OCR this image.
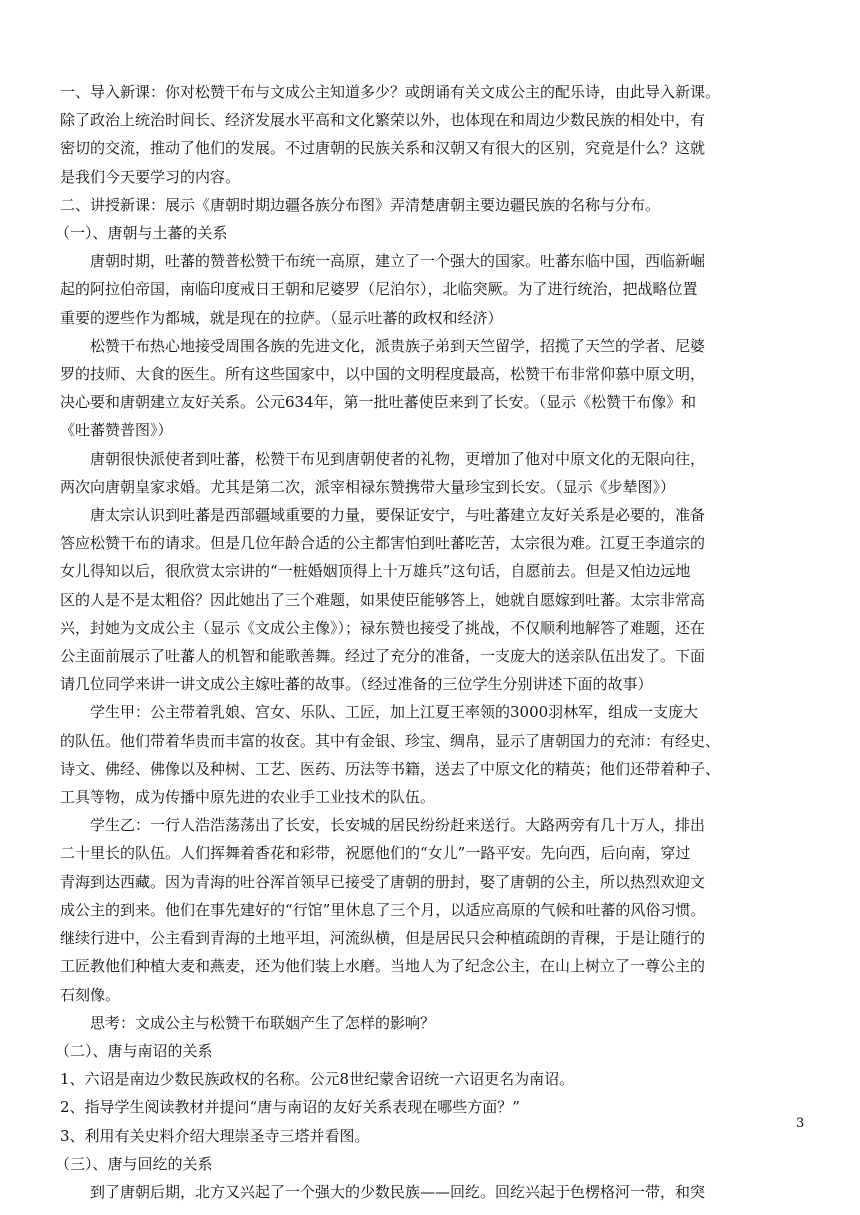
一、导入新课：你对松赞干布与文成公主知道多少？或朗诵有关文成公主的配乐诗，由此导入新课。
除了政治上统治时间长、经济发展水平高和文化繁荣以外，也体现在和周边少数民族的相处中，有
密切的交流，推动了他们的发展。不过唐朝的民族关系和汉朝又有很大的区别，究竟是什么？这就
是我们今天要学习的内容。
二、讲授新课：展示《唐朝时期边疆各族分布图》弄清楚唐朝主要边疆民族的名称与分布。
（一）、唐朝与土蕃的关系
唐朝时期，吐蕃的赞普松赞干布统一高原，建立了一个强大的国家。吐蕃东临中国，西临新崛
起的阿拉伯帝国，南临印度戒日王朝和尼婆罗（尼泊尔），北临突厥。为了进行统治，把战略位置
重要的逻些作为都城，就是现在的拉萨。（显示吐蕃的政权和经济）
松赞干布热心地接受周围各族的先进文化，派贵族子弟到天竺留学，招揽了天竺的学者、尼婆
罗的技师、大食的医生。所有这些国家中，以中国的文明程度最高，松赞干布非常仰慕中原文明，
决心要和唐朝建立友好关系。公元634年，第一批吐蕃使臣来到了长安。（显示《松赞干布像》和
《吐蕃赞普图》）
唐朝很快派使者到吐蕃，松赞干布见到唐朝使者的礼物，更增加了他对中原文化的无限向往，
两次向唐朝皇家求婚。尤其是第二次，派宰相禄东赞携带大量珍宝到长安。（显示《步辇图》）
唐太宗认识到吐蕃是西部疆域重要的力量，要保证安宁，与吐蕃建立友好关系是必要的，准备
答应松赞干布的请求。但是几位年龄合适的公主都害怕到吐蕃吃苦，太宗很为难。江夏王李道宗的
女儿得知以后，很欣赏太宗讲的“一桩婚姻顶得上十万雄兵”这句话，自愿前去。但是又怕边远地
区的人是不是太粗俗？因此她出了三个难题，如果使臣能够答上，她就自愿嫁到吐蕃。太宗非常高
兴，封她为文成公主（显示《文成公主像》）；禄东赞也接受了挑战，不仅顺利地解答了难题，还在
公主面前展示了吐蕃人的机智和能歌善舞。经过了充分的准备，一支庞大的送亲队伍出发了。下面
请几位同学来讲一讲文成公主嫁吐蕃的故事。（经过准备的三位学生分别讲述下面的故事）
学生甲：公主带着乳娘、宫女、乐队、工匠，加上江夏王率领的3000羽林军，组成一支庞大
的队伍。他们带着华贵而丰富的妆奁。其中有金银、珍宝、绸帛，显示了唐朝国力的充沛：有经史、
诗文、佛经、佛像以及种树、工艺、医药、历法等书籍，送去了中原文化的精英；他们还带着种子、
工具等物，成为传播中原先进的农业手工业技术的队伍。
学生乙：一行人浩浩荡荡出了长安，长安城的居民纷纷赶来送行。大路两旁有几十万人，排出
二十里长的队伍。人们挥舞着香花和彩带，祝愿他们的“女儿”一路平安。先向西，后向南，穿过
青海到达西藏。因为青海的吐谷浑首领早已接受了唐朝的册封，娶了唐朝的公主，所以热烈欢迎文
成公主的到来。他们在事先建好的“行馆”里休息了三个月，以适应高原的气候和吐蕃的风俗习惯。
继续行进中，公主看到青海的土地平坦，河流纵横，但是居民只会种植疏朗的青稞，于是让随行的
工匠教他们种植大麦和燕麦，还为他们装上水磨。当地人为了纪念公主，在山上树立了一尊公主的
石刻像。
思考：文成公主与松赞干布联姻产生了怎样的影响？
（二）、唐与南诏的关系
1、六诏是南边少数民族政权的名称。公元8世纪蒙舍诏统一六诏更名为南诏。
2、指导学生阅读教材并提问“唐与南诏的友好关系表现在哪些方面？”
3、利用有关史料介绍大理崇圣寺三塔并看图。
（三）、唐与回纥的关系
到了唐朝后期，北方又兴起了一个强大的少数民族——回纥。回纥兴起于色楞格河一带，和突
3
